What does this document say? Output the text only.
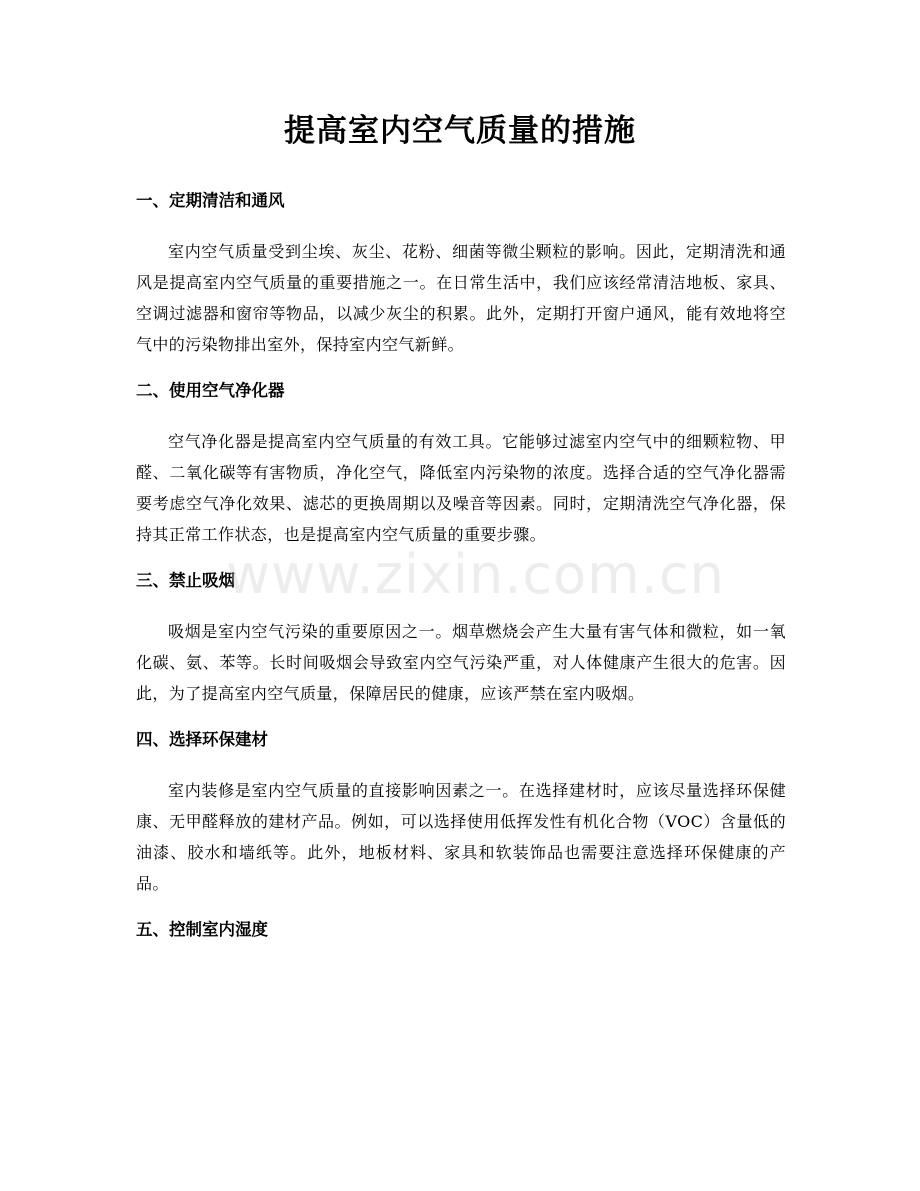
提高室内空气质量的措施
一、定期清洁和通风
室内空气质量受到尘埃、灰尘、花粉、细菌等微尘颗粒的影响。因此，定期清洗和通风是提高室内空气质量的重要措施之一。在日常生活中，我们应该经常清洁地板、家具、空调过滤器和窗帘等物品，以减少灰尘的积累。此外，定期打开窗户通风，能有效地将空气中的污染物排出室外，保持室内空气新鲜。
二、使用空气净化器
空气净化器是提高室内空气质量的有效工具。它能够过滤室内空气中的细颗粒物、甲醛、二氧化碳等有害物质，净化空气，降低室内污染物的浓度。选择合适的空气净化器需要考虑空气净化效果、滤芯的更换周期以及噪音等因素。同时，定期清洗空气净化器，保持其正常工作状态，也是提高室内空气质量的重要步骤。
三、禁止吸烟
吸烟是室内空气污染的重要原因之一。烟草燃烧会产生大量有害气体和微粒，如一氧化碳、氨、苯等。长时间吸烟会导致室内空气污染严重，对人体健康产生很大的危害。因此，为了提高室内空气质量，保障居民的健康，应该严禁在室内吸烟。
四、选择环保建材
室内装修是室内空气质量的直接影响因素之一。在选择建材时，应该尽量选择环保健康、无甲醛释放的建材产品。例如，可以选择使用低挥发性有机化合物（VOC）含量低的油漆、胶水和墙纸等。此外，地板材料、家具和软装饰品也需要注意选择环保健康的产品。
五、控制室内湿度
www.zixin.com.cn
